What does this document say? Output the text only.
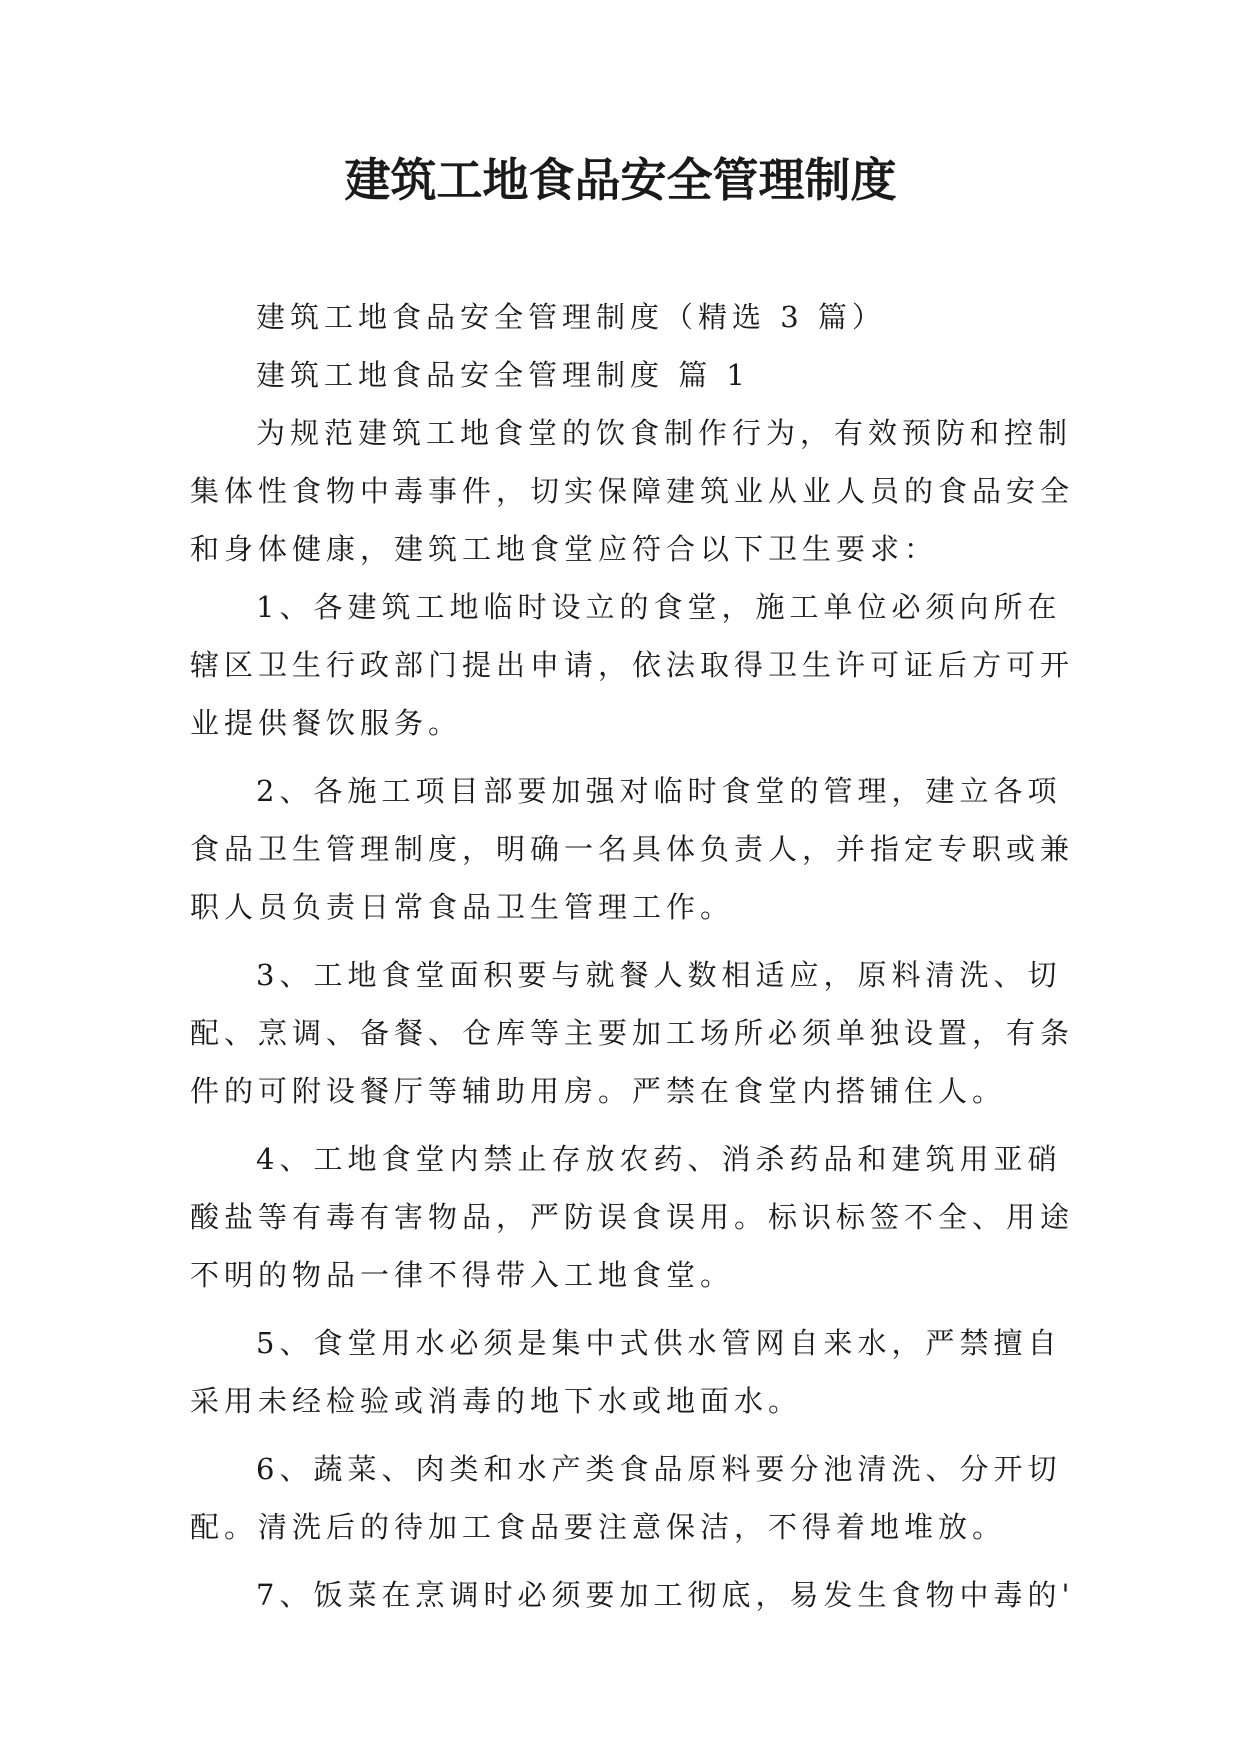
建筑工地食品安全管理制度

建筑工地食品安全管理制度（精选 3 篇）

建筑工地食品安全管理制度 篇 1

为规范建筑工地食堂的饮食制作行为，有效预防和控制

集体性食物中毒事件，切实保障建筑业从业人员的食品安全

和身体健康，建筑工地食堂应符合以下卫生要求：

1、各建筑工地临时设立的食堂，施工单位必须向所在

辖区卫生行政部门提出申请，依法取得卫生许可证后方可开

业提供餐饮服务。

2、各施工项目部要加强对临时食堂的管理，建立各项

食品卫生管理制度，明确一名具体负责人，并指定专职或兼

职人员负责日常食品卫生管理工作。

3、工地食堂面积要与就餐人数相适应，原料清洗、切

配、烹调、备餐、仓库等主要加工场所必须单独设置，有条

件的可附设餐厅等辅助用房。严禁在食堂内搭铺住人。

4、工地食堂内禁止存放农药、消杀药品和建筑用亚硝

酸盐等有毒有害物品，严防误食误用。标识标签不全、用途

不明的物品一律不得带入工地食堂。

5、食堂用水必须是集中式供水管网自来水，严禁擅自

采用未经检验或消毒的地下水或地面水。

6、蔬菜、肉类和水产类食品原料要分池清洗、分开切

配。清洗后的待加工食品要注意保洁，不得着地堆放。

7、饭菜在烹调时必须要加工彻底，易发生食物中毒的'
